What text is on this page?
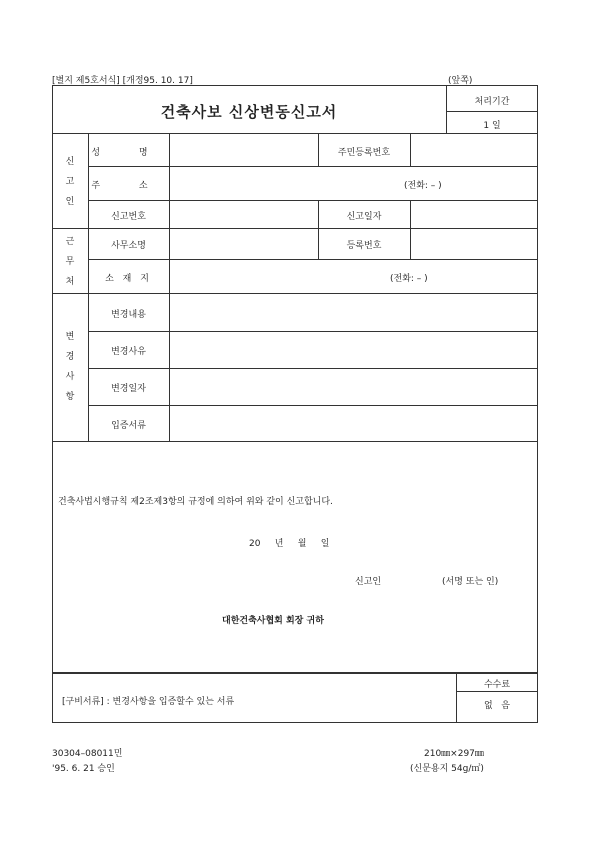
[별지 제5호서식] [개정95. 10. 17]	(앞쪽)
건축사보 신상변동신고서
처리기간
1 일
신
고
인
성 명	주민등록번호
주 소	(전화: – )
신고번호	신고일자
근
무
처
사무소명	등록번호
소 재 지	(전화: – )
변
경
사
항
변경내용
변경사유
변경일자
입증서류
건축사법시행규칙 제2조제3항의 규정에 의하여 위와 같이 신고합니다.
20     년     월     일
신고인	(서명 또는 인)
대한건축사협회 회장 귀하
[구비서류] : 변경사항을 입증할수 있는 서류
수수료
없   음
30304–08011민
'95. 6. 21 승인
210㎜×297㎜
(신문용지 54g/㎡)
